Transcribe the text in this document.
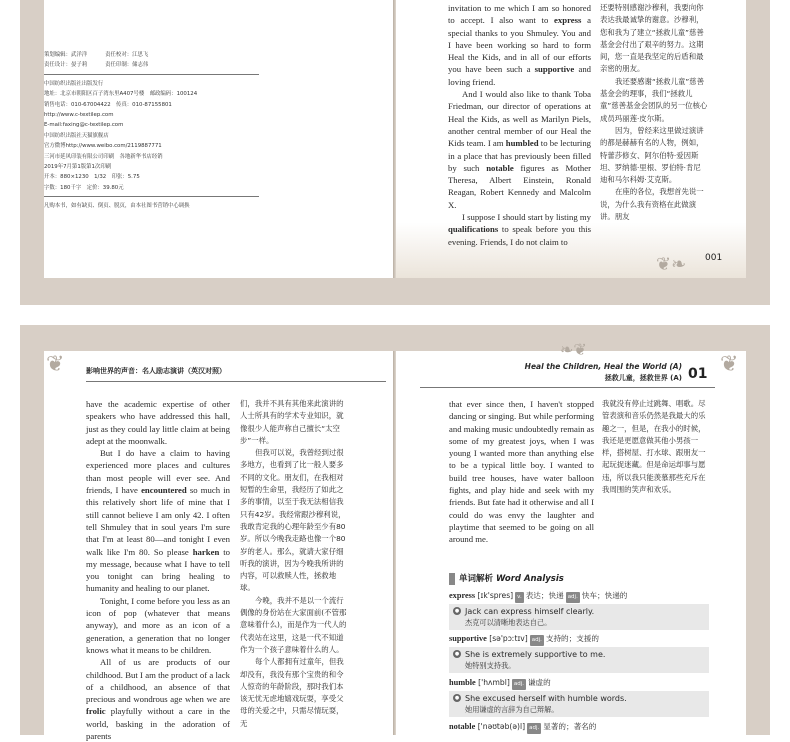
策划编辑：武洋洋	责任校对：江思飞
责任设计：晏子莉	责任印制：储志伟
中国纺织出版社出版发行
地址：北京市朝阳区百子湾东里A407号楼　邮政编码：100124
销售电话：010-67004422　传真：010-87155801
http://www.c-textilep.com
E-mail:faxing@c-textilep.com
中国纺织出版社天猫旗舰店
官方微博http://www.weibo.com/2119887771
三河市延风印装有限公司印刷　各地新华书店经销
2019年7月第1版第1次印刷
开本：880×1230　1/32　印张：5.75
字数：180千字　定价：39.80元
凡购本书，如有缺页、倒页、脱页，由本社图书营销中心调换

invitation to me which I am so honored to accept. I also want to express a special thanks to you Shmuley. You and I have been working so hard to form Heal the Kids, and in all of our efforts you have been such a supportive and loving friend.

And I would also like to thank Toba Friedman, our director of operations at Heal the Kids, as well as Marilyn Piels, another central member of our Heal the Kids team. I am humbled to be lecturing in a place that has previously been filled by such notable figures as Mother Theresa, Albert Einstein, Ronald Reagan, Robert Kennedy and Malcolm X.

I suppose I should start by listing my qualifications to speak before you this evening. Friends, I do not claim to

还要特别感谢沙穆利，我要向你表达我最诚挚的谢意。沙穆利，您和我为了建立“拯救儿童”慈善基金会付出了艰辛的努力。这期间，您一直是我坚定的后盾和最亲密的朋友。

我还要感谢“拯救儿童”慈善基金会的理事，我们“拯救儿童”慈善基金会团队的另一位核心成员玛丽莲·皮尔斯。

因为，曾经来这里做过演讲的都是赫赫有名的人物，例如，特蕾莎修女、阿尔伯特·爱因斯坦、罗纳德·里根、罗伯特·肯尼迪和马尔科姆·艾克斯。

在座的各位，我想首先说一说，为什么我有资格在此做演讲。朋友

❦❧ 001
❦	影响世界的声音：名人励志演讲（英汉对照）

have the academic expertise of other speakers who have addressed this hall, just as they could lay little claim at being adept at the moonwalk.

But I do have a claim to having experienced more places and cultures than most people will ever see. And friends, I have encountered so much in this relatively short life of mine that I still cannot believe I am only 42. I often tell Shmuley that in soul years I'm sure that I'm at least 80—and tonight I even walk like I'm 80. So please harken to my message, because what I have to tell you tonight can bring healing to humanity and healing to our planet.

Tonight, I come before you less as an icon of pop (whatever that means anyway), and more as an icon of a generation, a generation that no longer knows what it means to be children.

All of us are products of our childhood. But I am the product of a lack of a childhood, an absence of that precious and wondrous age when we are frolic playfully without a care in the world, basking in the adoration of parents

们，我并不具有其他来此演讲的人士所具有的学术专业知识，就像很少人能声称自己擅长“太空步”一样。

但我可以说，我曾经到过很多地方，也看到了比一般人要多不同的文化。朋友们，在我相对短暂的生命里，我经历了如此之多的事情，以至于我无法相信我只有42岁。我经常跟沙穆利说，我敢肯定我的心理年龄至少有80岁。所以今晚我走路也像一个80岁的老人。那么，就请大家仔细听我的演讲，因为今晚我所讲的内容，可以救赎人性，拯救地球。

今晚，我并不是以一个流行偶像的身份站在大家面前(不管那意味着什么)，而是作为一代人的代表站在这里，这是一代不知道作为一个孩子意味着什么的人。

每个人都拥有过童年，但我却没有，我没有那个宝贵的和令人惊奇的年龄阶段，那时我们本该无忧无虑地嬉戏玩耍，享受父母的关爱之中，只需尽情玩耍，无

❦
❧❦
Heal the Children, Heal the World (A)
拯救儿童，拯救世界 (A) 01

that ever since then, I haven't stopped dancing or singing. But while performing and making music undoubtedly remain as some of my greatest joys, when I was young I wanted more than anything else to be a typical little boy. I wanted to build tree houses, have water balloon fights, and play hide and seek with my friends. But fate had it otherwise and all I could do was envy the laughter and playtime that seemed to be going on all around me.

我就没有停止过跳舞、唱歌。尽管表演和音乐仍然是我最大的乐趣之一，但是，在我小的时候，我还是更愿意做其他小男孩一样，搭树屋、打水球、跟朋友一起玩捉迷藏。但是命运却事与愿违，所以我只能羡慕那些充斥在我周围的笑声和欢乐。

单词解析 Word Analysis
express [ɪk'spres] v. 表达；快递 adj. 快车；快递的
● Jack can express himself clearly.
杰克可以清晰地表达自己。
supportive [sə'pɔːtɪv] adj. 支持的；支援的
● She is extremely supportive to me.
她特别支持我。
humble ['hʌmbl] adj. 谦虚的
● She excused herself with humble words.
她用谦虚的言辞为自己辩解。
notable ['nəʊtəb(ə)l] adj. 显著的；著名的
